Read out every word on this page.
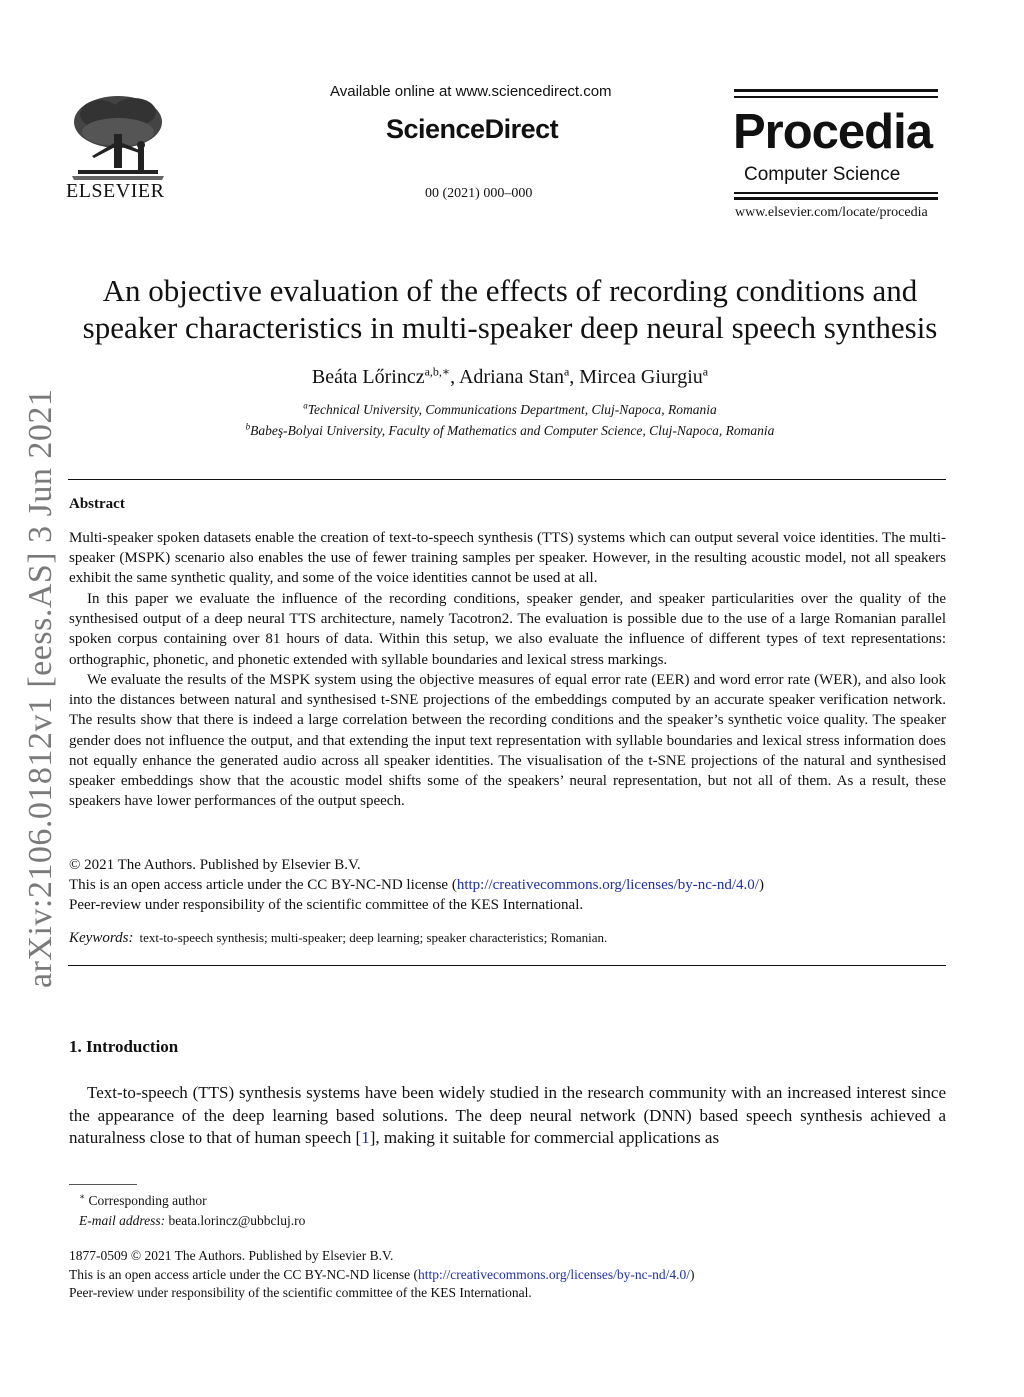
arXiv:2106.01812v1 [eess.AS] 3 Jun 2021
ELSEVIER
Available online at www.sciencedirect.com
ScienceDirect
00 (2021) 000–000
Procedia
Computer Science
www.elsevier.com/locate/procedia
An objective evaluation of the effects of recording conditions and
speaker characteristics in multi-speaker deep neural speech synthesis
Beáta Lőrincz$^{a,b,∗}$, Adriana Stan$^a$, Mircea Giurgiu$^a$
$^a$Technical University, Communications Department, Cluj-Napoca, Romania
$^b$Babeş-Bolyai University, Faculty of Mathematics and Computer Science, Cluj-Napoca, Romania
Abstract

Multi-speaker spoken datasets enable the creation of text-to-speech synthesis (TTS) systems which can output several voice identities. The multi-speaker (MSPK) scenario also enables the use of fewer training samples per speaker. However, in the resulting acoustic model, not all speakers exhibit the same synthetic quality, and some of the voice identities cannot be used at all.

In this paper we evaluate the influence of the recording conditions, speaker gender, and speaker particularities over the quality of the synthesised output of a deep neural TTS architecture, namely Tacotron2. The evaluation is possible due to the use of a large Romanian parallel spoken corpus containing over 81 hours of data. Within this setup, we also evaluate the influence of different types of text representations: orthographic, phonetic, and phonetic extended with syllable boundaries and lexical stress markings.

We evaluate the results of the MSPK system using the objective measures of equal error rate (EER) and word error rate (WER), and also look into the distances between natural and synthesised t-SNE projections of the embeddings computed by an accurate speaker verification network. The results show that there is indeed a large correlation between the recording conditions and the speaker’s synthetic voice quality. The speaker gender does not influence the output, and that extending the input text representation with syllable boundaries and lexical stress information does not equally enhance the generated audio across all speaker identities. The visualisation of the t-SNE projections of the natural and synthesised speaker embeddings show that the acoustic model shifts some of the speakers’ neural representation, but not all of them. As a result, these speakers have lower performances of the output speech.

© 2021 The Authors. Published by Elsevier B.V.
This is an open access article under the CC BY-NC-ND license (http://creativecommons.org/licenses/by-nc-nd/4.0/)
Peer-review under responsibility of the scientific committee of the KES International.
Keywords: text-to-speech synthesis; multi-speaker; deep learning; speaker characteristics; Romanian.
1. Introduction

Text-to-speech (TTS) synthesis systems have been widely studied in the research community with an increased interest since the appearance of the deep learning based solutions. The deep neural network (DNN) based speech synthesis achieved a naturalness close to that of human speech [1], making it suitable for commercial applications as

∗ Corresponding author
E-mail address: beata.lorincz@ubbcluj.ro
1877-0509 © 2021 The Authors. Published by Elsevier B.V.
This is an open access article under the CC BY-NC-ND license (http://creativecommons.org/licenses/by-nc-nd/4.0/)
Peer-review under responsibility of the scientific committee of the KES International.
